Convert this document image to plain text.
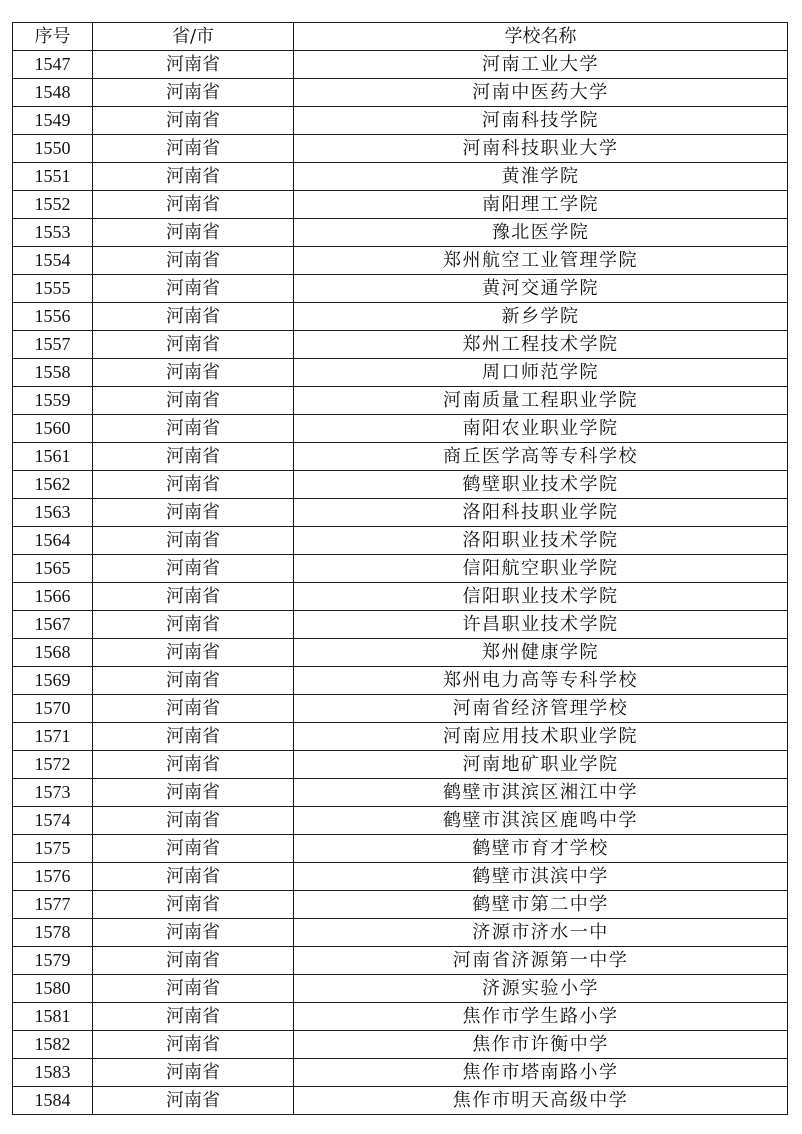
序号	省/市	学校名称
1547	河南省	河南工业大学
1548	河南省	河南中医药大学
1549	河南省	河南科技学院
1550	河南省	河南科技职业大学
1551	河南省	黄淮学院
1552	河南省	南阳理工学院
1553	河南省	豫北医学院
1554	河南省	郑州航空工业管理学院
1555	河南省	黄河交通学院
1556	河南省	新乡学院
1557	河南省	郑州工程技术学院
1558	河南省	周口师范学院
1559	河南省	河南质量工程职业学院
1560	河南省	南阳农业职业学院
1561	河南省	商丘医学高等专科学校
1562	河南省	鹤壁职业技术学院
1563	河南省	洛阳科技职业学院
1564	河南省	洛阳职业技术学院
1565	河南省	信阳航空职业学院
1566	河南省	信阳职业技术学院
1567	河南省	许昌职业技术学院
1568	河南省	郑州健康学院
1569	河南省	郑州电力高等专科学校
1570	河南省	河南省经济管理学校
1571	河南省	河南应用技术职业学院
1572	河南省	河南地矿职业学院
1573	河南省	鹤壁市淇滨区湘江中学
1574	河南省	鹤壁市淇滨区鹿鸣中学
1575	河南省	鹤壁市育才学校
1576	河南省	鹤壁市淇滨中学
1577	河南省	鹤壁市第二中学
1578	河南省	济源市济水一中
1579	河南省	河南省济源第一中学
1580	河南省	济源实验小学
1581	河南省	焦作市学生路小学
1582	河南省	焦作市许衡中学
1583	河南省	焦作市塔南路小学
1584	河南省	焦作市明天高级中学
